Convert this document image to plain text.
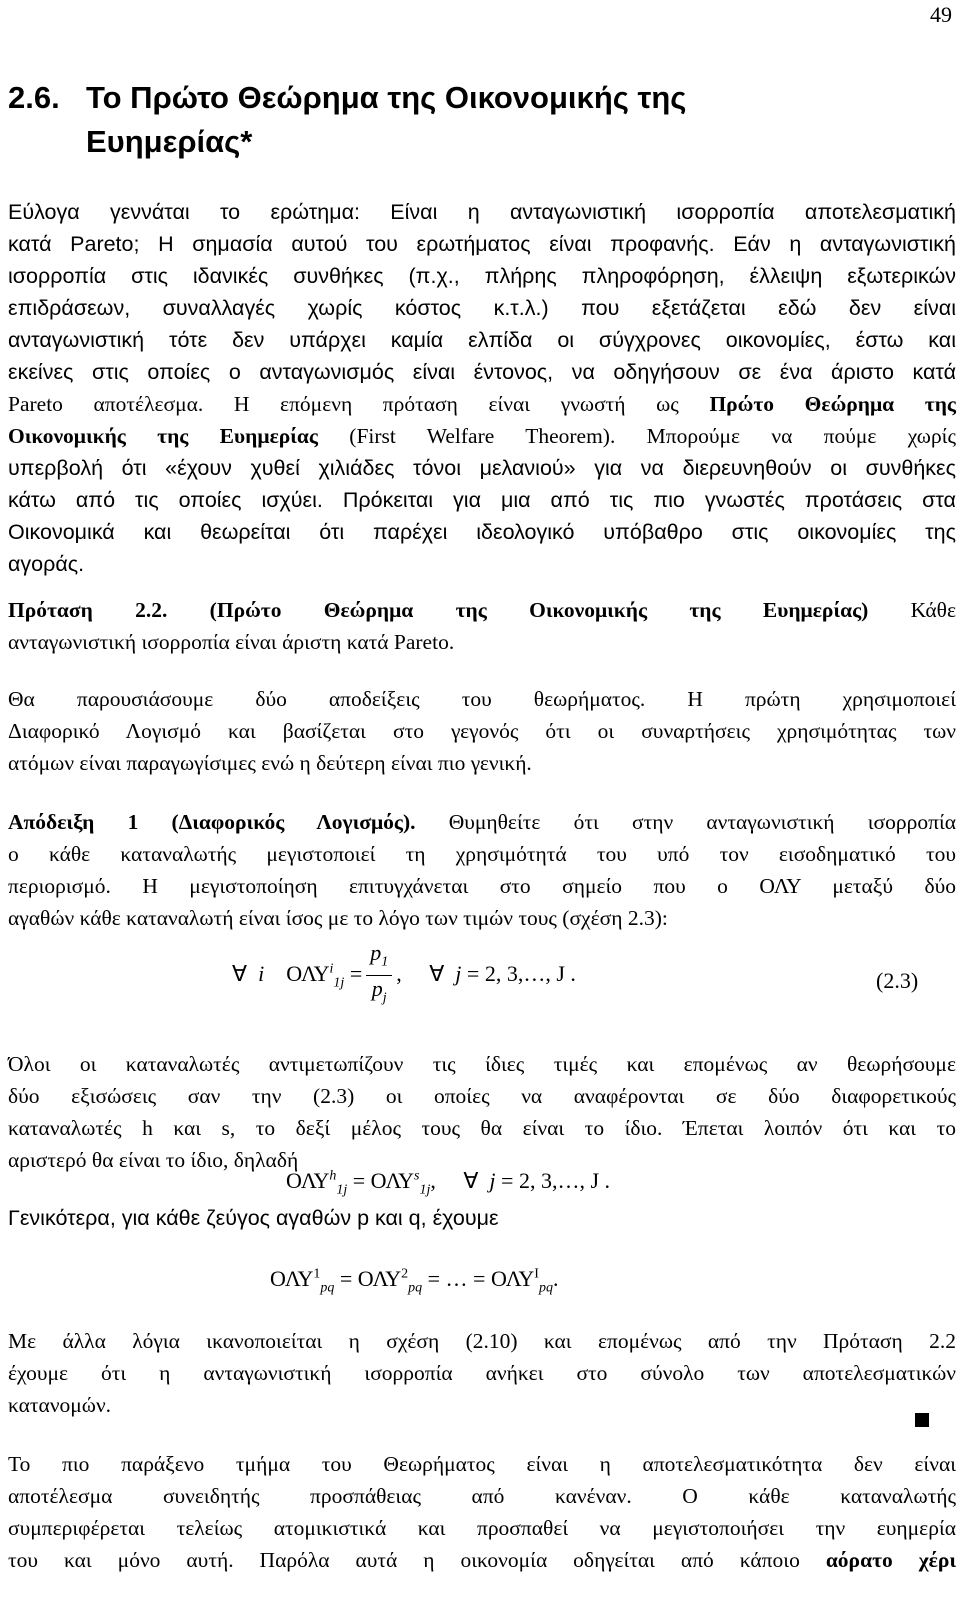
49
2.6. Το Πρώτο Θεώρημα της Οικονομικής της
Ευημερίας*
Εύλογα γεννάται το ερώτημα: Είναι η ανταγωνιστική ισορροπία αποτελεσματική
κατά Pareto; Η σημασία αυτού του ερωτήματος είναι προφανής. Εάν η ανταγωνιστική
ισορροπία στις ιδανικές συνθήκες (π.χ., πλήρης πληροφόρηση, έλλειψη εξωτερικών
επιδράσεων, συναλλαγές χωρίς κόστος κ.τ.λ.) που εξετάζεται εδώ δεν είναι
ανταγωνιστική τότε δεν υπάρχει καμία ελπίδα οι σύγχρονες οικονομίες, έστω και
εκείνες στις οποίες ο ανταγωνισμός είναι έντονος, να οδηγήσουν σε ένα άριστο κατά
Pareto αποτέλεσμα. Η επόμενη πρόταση είναι γνωστή ως Πρώτο Θεώρημα της
Οικονομικής της Ευημερίας (First Welfare Theorem). Μπορούμε να πούμε χωρίς
υπερβολή ότι «έχουν χυθεί χιλιάδες τόνοι μελανιού» για να διερευνηθούν οι συνθήκες
κάτω από τις οποίες ισχύει. Πρόκειται για μια από τις πιο γνωστές προτάσεις στα
Οικονομικά και θεωρείται ότι παρέχει ιδεολογικό υπόβαθρο στις οικονομίες της
αγοράς.
Πρόταση 2.2. (Πρώτο Θεώρημα της Οικονομικής της Ευημερίας) Κάθε
ανταγωνιστική ισορροπία είναι άριστη κατά Pareto.
Θα παρουσιάσουμε δύο αποδείξεις του θεωρήματος. Η πρώτη χρησιμοποιεί
Διαφορικό Λογισμό και βασίζεται στο γεγονός ότι οι συναρτήσεις χρησιμότητας των
ατόμων είναι παραγωγίσιμες ενώ η δεύτερη είναι πιο γενική.
Απόδειξη 1 (Διαφορικός Λογισμός). Θυμηθείτε ότι στην ανταγωνιστική ισορροπία
ο κάθε καταναλωτής μεγιστοποιεί τη χρησιμότητά του υπό τον εισοδηματικό του
περιορισμό. Η μεγιστοποίηση επιτυγχάνεται στο σημείο που ο ΟΛΥ μεταξύ δύο
αγαθών κάθε καταναλωτή είναι ίσος με το λόγο των τιμών τους (σχέση 2.3):
∀ i $O\Lambda\Upsilon^i_{1j} = \frac{p_1}{p_j}$ , ∀ j = 2, 3,…, J .	(2.3)
Όλοι οι καταναλωτές αντιμετωπίζουν τις ίδιες τιμές και επομένως αν θεωρήσουμε
δύο εξισώσεις σαν την (2.3) οι οποίες να αναφέρονται σε δύο διαφορετικούς
καταναλωτές h και s, το δεξί μέλος τους θα είναι το ίδιο. Έπεται λοιπόν ότι και το
αριστερό θα είναι το ίδιο, δηλαδή
$O\Lambda\Upsilon^h_{1j} = O\Lambda\Upsilon^s_{1j}$, ∀ j = 2, 3,…, J .
Γενικότερα, για κάθε ζεύγος αγαθών p και q, έχουμε
$O\Lambda\Upsilon^1_{pq} = O\Lambda\Upsilon^2_{pq}$ = … = $O\Lambda\Upsilon^I_{pq}$.
Με άλλα λόγια ικανοποιείται η σχέση (2.10) και επομένως από την Πρόταση 2.2
έχουμε ότι η ανταγωνιστική ισορροπία ανήκει στο σύνολο των αποτελεσματικών
κατανομών.
Το πιο παράξενο τμήμα του Θεωρήματος είναι η αποτελεσματικότητα δεν είναι
αποτέλεσμα συνειδητής προσπάθειας από κανέναν. Ο κάθε καταναλωτής
συμπεριφέρεται τελείως ατομικιστικά και προσπαθεί να μεγιστοποιήσει την ευημερία
του και μόνο αυτή. Παρόλα αυτά η οικονομία οδηγείται από κάποιο αόρατο χέρι
